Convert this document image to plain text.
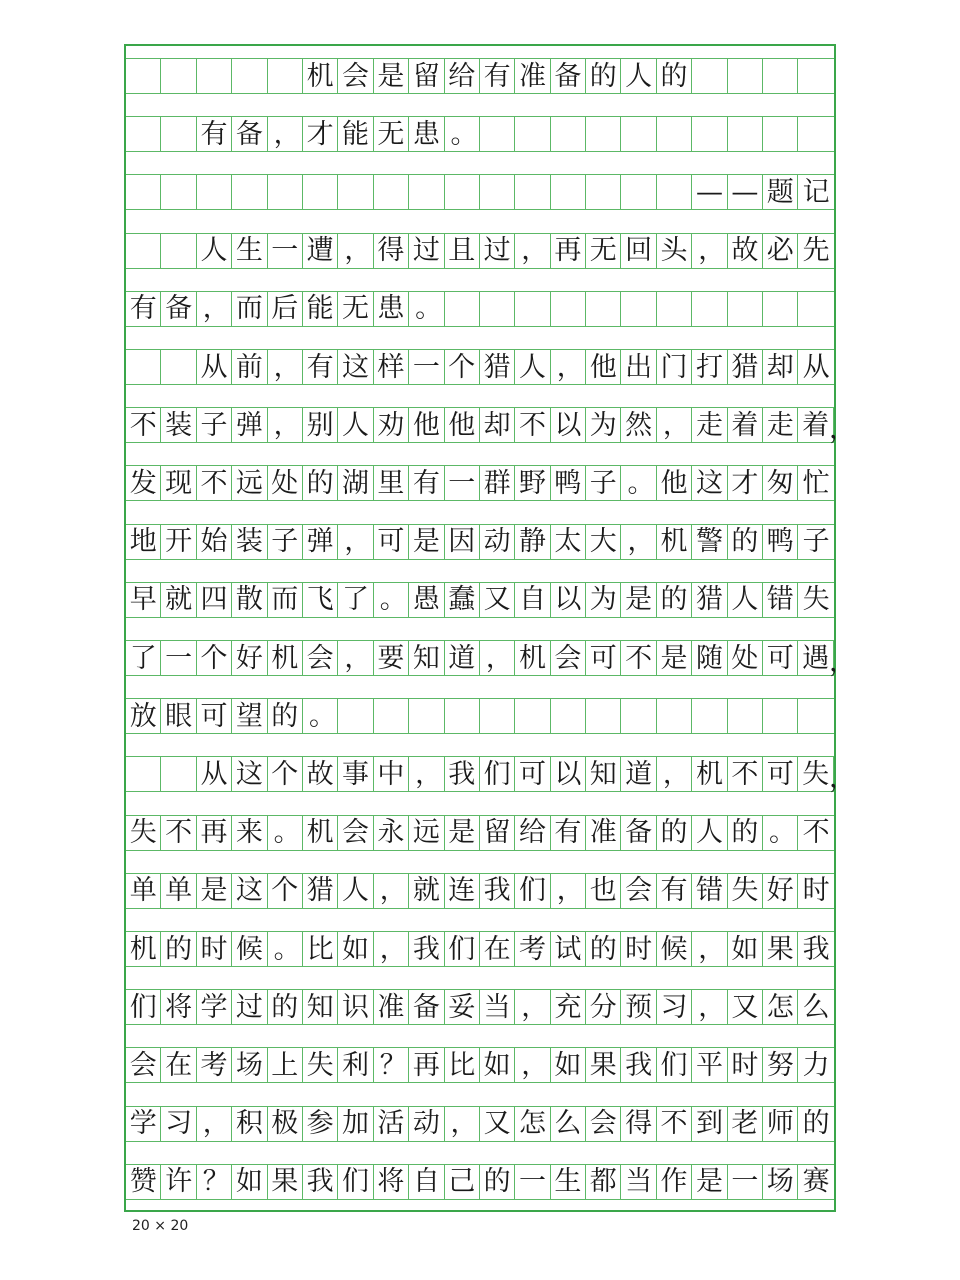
机 会 是 留 给 有 准 备 的 人 的
有 备 ， 才 能 无 患 。
— — 题 记
人 生 一 遭 ， 得 过 且 过 ， 再 无 回 头 ， 故 必 先
有 备 ， 而 后 能 无 患 。
从 前 ， 有 这 样 一 个 猎 人 ， 他 出 门 打 猎 却 从
不 装 子 弹 ， 别 人 劝 他 他 却 不 以 为 然 ， 走 着 走 着 ，
发 现 不 远 处 的 湖 里 有 一 群 野 鸭 子 。 他 这 才 匆 忙
地 开 始 装 子 弹 ， 可 是 因 动 静 太 大 ， 机 警 的 鸭 子
早 就 四 散 而 飞 了 。 愚 蠢 又 自 以 为 是 的 猎 人 错 失
了 一 个 好 机 会 ， 要 知 道 ， 机 会 可 不 是 随 处 可 遇 ，
放 眼 可 望 的 。
从 这 个 故 事 中 ， 我 们 可 以 知 道 ， 机 不 可 失 ，
失 不 再 来 。 机 会 永 远 是 留 给 有 准 备 的 人 的 。 不
单 单 是 这 个 猎 人 ， 就 连 我 们 ， 也 会 有 错 失 好 时
机 的 时 候 。 比 如 ， 我 们 在 考 试 的 时 候 ， 如 果 我
们 将 学 过 的 知 识 准 备 妥 当 ， 充 分 预 习 ， 又 怎 么
会 在 考 场 上 失 利 ？ 再 比 如 ， 如 果 我 们 平 时 努 力
学 习 ， 积 极 参 加 活 动 ， 又 怎 么 会 得 不 到 老 师 的
赞 许 ？ 如 果 我 们 将 自 己 的 一 生 都 当 作 是 一 场 赛
20 × 20
